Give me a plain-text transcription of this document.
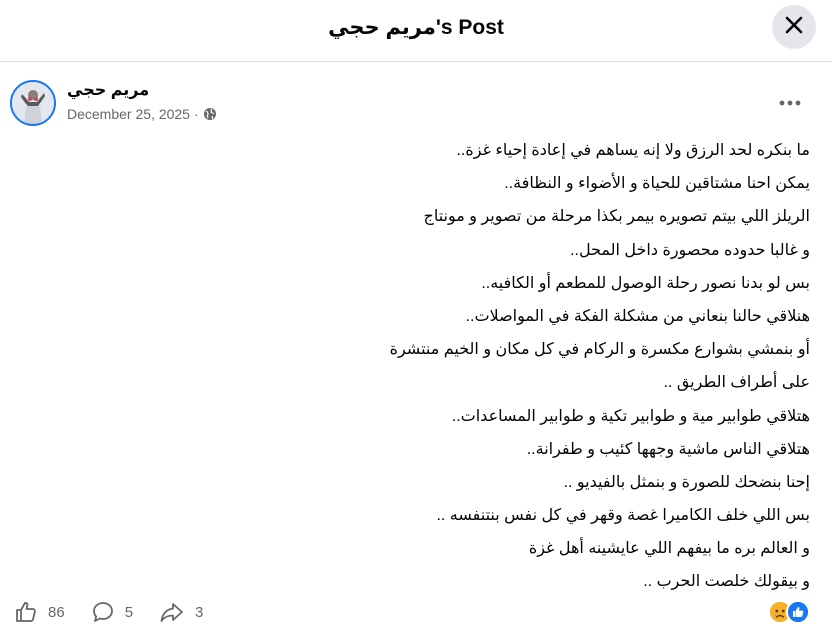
مريم حجي's Post
مريم حجي
December 25, 2025 ·
ما بنكره لحد الرزق ولا إنه يساهم في إعادة إحياء غزة..
يمكن احنا مشتاقين للحياة و الأضواء و النظافة..
الريلز اللي بيتم تصويره بيمر بكذا مرحلة من تصوير و مونتاج
و غالبا حدوده محصورة داخل المحل..
بس لو بدنا نصور رحلة الوصول للمطعم أو الكافيه..
هنلاقي حالنا بنعاني من مشكلة الفكة في المواصلات..
أو بنمشي بشوارع مكسرة و الركام في كل مكان و الخيم منتشرة
على أطراف الطريق ..
هتلاقي طوابير مية و طوابير تكية و طوابير المساعدات..
هتلاقي الناس ماشية وجهها كئيب و طفرانة..
إحنا بنضحك للصورة و بنمثل بالفيديو ..
بس اللي خلف الكاميرا غصة وقهر في كل نفس بنتنفسه ..
و العالم بره ما بيفهم اللي عايشينه أهل غزة
و بيقولك خلصت الحرب ..
86	5	3
